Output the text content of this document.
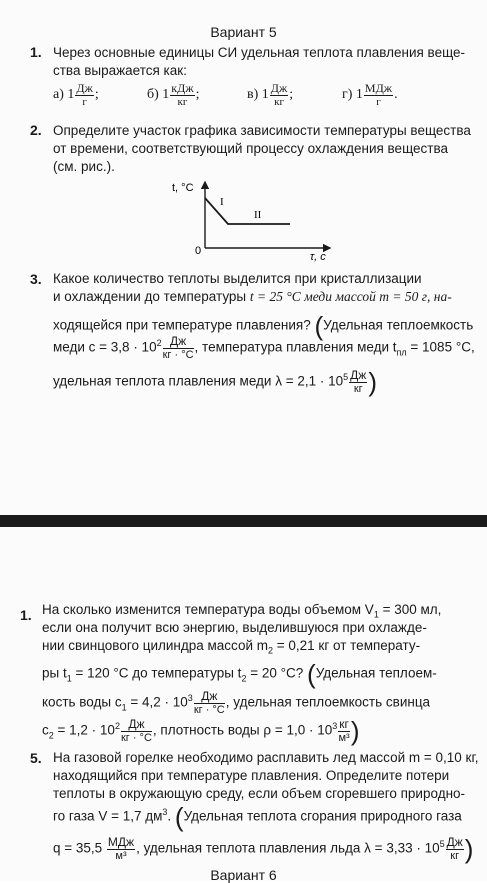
Вариант 5
1. Через основные единицы СИ удельная теплота плавления веще-
ства выражается как:
а) $1 \frac{Дж}{г}$ ;	б) $1 \frac{\text{кДж}}{кг}$ ;	в) $1 \frac{Дж}{кг}$ ;	г) $1 \frac{\text{МДж}}{г}$ .
2. Определите участок графика зависимости температуры вещества
от времени, соответствующий процессу охлаждения вещества
(см. рис.).
t, °C
τ, c
0
I
II
3. Какое количество теплоты выделится при кристаллизации
и охлаждении до температуры t = 25 °C меди массой m = 50 г, на-
ходящейся при температуре плавления? (Удельная теплоемкость
меди $c = 3,8 \cdot 10^2 \frac{Дж}{кг \cdot ^\circ C}$ , температура плавления меди $t_{пл} = 1085$ °C,
удельная теплота плавления меди $\lambda = 2,1 \cdot 10^5 \frac{Дж}{кг}$ )
1. На сколько изменится температура воды объемом $V_1 = 300$ мл,
если она получит всю энергию, выделившуюся при охлажде-
нии свинцового цилиндра массой $m_2 = 0,21$ кг от температу-
ры $t_1 = 120$ °C до температуры $t_2 = 20$ °C? (Удельная теплоем-
кость воды $c_1 = 4,2 \cdot 10^3 \frac{Дж}{кг \cdot ^\circ C}$ , удельная теплоемкость свинца
$c_2 = 1,2 \cdot 10^2 \frac{Дж}{кг \cdot ^\circ C}$ , плотность воды $\rho = 1,0 \cdot 10^3 \frac{кг}{\text{м³}}$ )
5. На газовой горелке необходимо расплавить лед массой m = 0,10 кг,
находящийся при температуре плавления. Определите потери
теплоты в окружающую среду, если объем сгоревшего природно-
го газа V = 1,7 $дм^3$. (Удельная теплота сгорания природного газа
$q = 35,5 \frac{\text{МДж}}{\text{м³}}$ , удельная теплота плавления льда $\lambda = 3,33 \cdot 10^5 \frac{Дж}{кг}$ )
Вариант 6
